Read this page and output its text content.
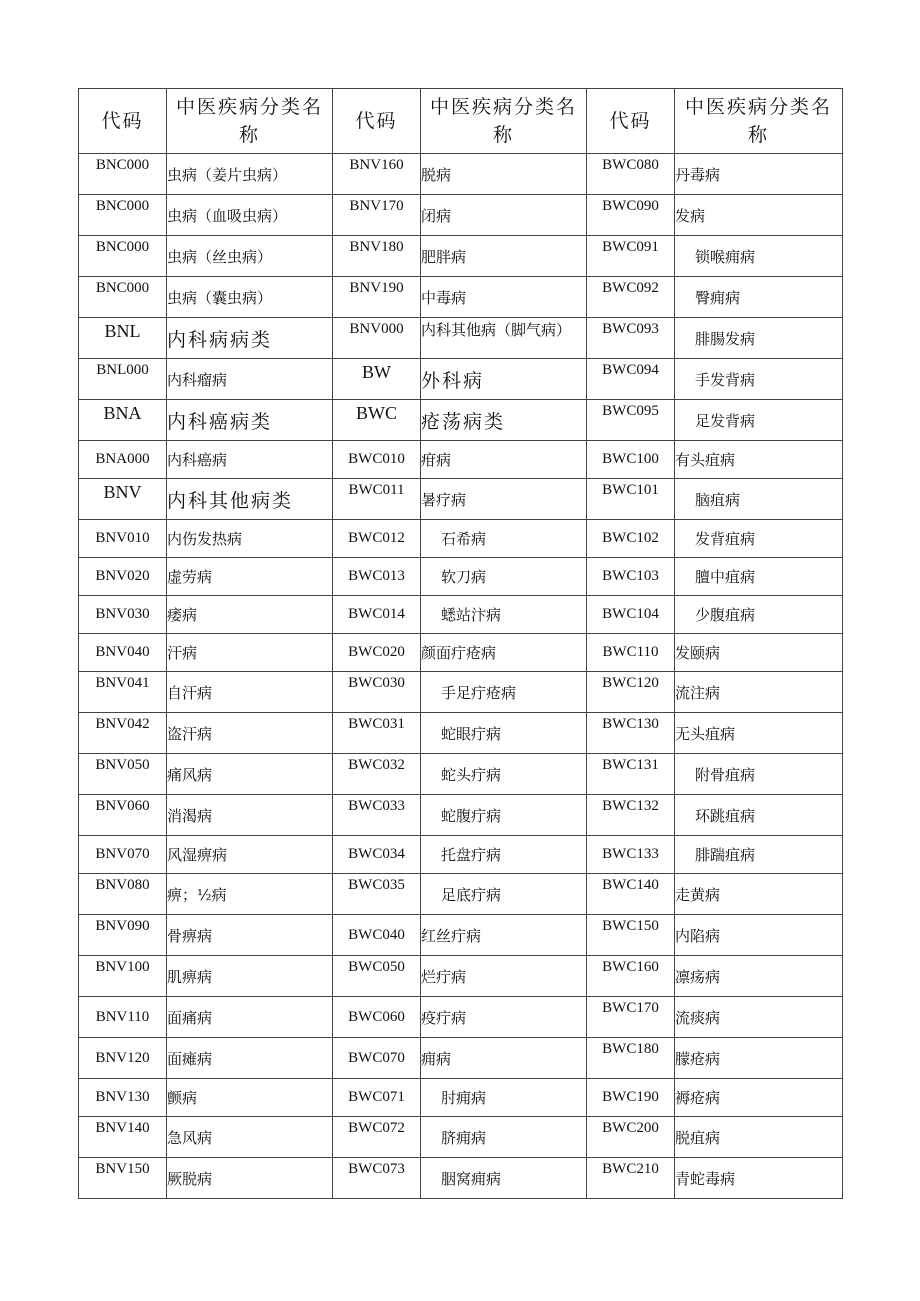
代码	中医疾病分类名称	代码	中医疾病分类名称	代码	中医疾病分类名称
BNC000	虫病（姜片虫病）	BNV160	脱病	BWC080	丹毒病
BNC000	虫病（血吸虫病）	BNV170	闭病	BWC090	发病
BNC000	虫病（丝虫病）	BNV180	肥胖病	BWC091	锁喉痈病
BNC000	虫病（囊虫病）	BNV190	中毒病	BWC092	臀痈病
BNL	内科病病类	BNV000	内科其他病（脚气病）	BWC093	腓腸发病
BNL000	内科瘤病	BW	外科病	BWC094	手发背病
BNA	内科癌病类	BWC	疮荡病类	BWC095	足发背病
BNA000	内科癌病	BWC010	疳病	BWC100	有头疽病
BNV	内科其他病类	BWC011	暑疗病	BWC101	脑疽病
BNV010	内伤发热病	BWC012	石希病	BWC102	发背疽病
BNV020	虚劳病	BWC013	软刀病	BWC103	膻中疽病
BNV030	痿病	BWC014	蟋站汴病	BWC104	少腹疽病
BNV040	汗病	BWC020	颜面疔疮病	BWC110	发颐病
BNV041	自汗病	BWC030	手足疔疮病	BWC120	流注病
BNV042	盗汗病	BWC031	蛇眼疔病	BWC130	无头疽病
BNV050	痛风病	BWC032	蛇头疔病	BWC131	附骨疽病
BNV060	消渴病	BWC033	蛇腹疔病	BWC132	环跳疽病
BNV070	风湿痹病	BWC034	托盘疔病	BWC133	腓踹疽病
BNV080	痹；½病	BWC035	足底疔病	BWC140	走黄病
BNV090	骨痹病	BWC040	红丝疔病	BWC150	内陷病
BNV100	肌痹病	BWC050	烂疔病	BWC160	凛疡病
BNV110	面痛病	BWC060	疫疔病	BWC170	流痰病
BNV120	面瘫病	BWC070	痈病	BWC180	朦疮病
BNV130	颤病	BWC071	肘痈病	BWC190	褥疮病
BNV140	急风病	BWC072	脐痈病	BWC200	脱疽病
BNV150	厥脱病	BWC073	胭窝痈病	BWC210	青蛇毒病
